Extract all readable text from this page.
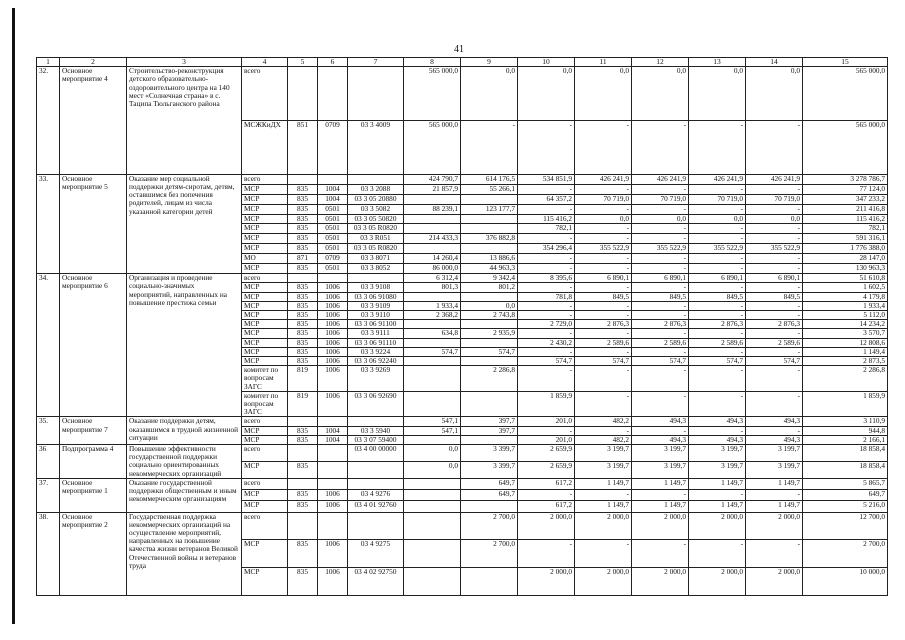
41
1	2	3	4	5	6	7	8	9	10	11	12	13	14	15
32.	Основное мероприятие 4	Строительство-реконструкция детского образовательно-оздоровительного центра на 140 мест «Солнечная страна» в с. Таципа Тюльганского района	всего				565 000,0	0,0	0,0	0,0	0,0	0,0	0,0	565 000,0
			МСЖКиДХ	851	0709	03 3 4009	565 000,0	-	-	-	-	-	-	565 000,0
33.	Основное мероприятие 5	Оказание мер социальной поддержки детям-сиротам, детям, оставшимся без попечения родителей, лицам из числа указанной категории детей	всего				424 790,7	614 176,5	534 851,9	426 241,9	426 241,9	426 241,9	426 241,9	3 278 786,7
			МСР	835	1004	03 3 2088	21 857,9	55 266,1	-	-	-	-	-	77 124,0
			МСР	835	1004	03 3 05 20880			64 357,2	70 719,0	70 719,0	70 719,0	70 719,0	347 233,2
			МСР	835	0501	03 3 5082	88 239,1	123 177,7	-	-	-	-	-	211 416,8
			МСР	835	0501	03 3 05 50820			115 416,2	0,0	0,0	0,0	0,0	115 416,2
			МСР	835	0501	03 3 05 R0820			782,1	-	-	-	-	782,1
			МСР	835	0501	03 3 R051	214 433,3	376 882,8	-	-	-	-	-	591 316,1
			МСР	835	0501	03 3 05 R0820			354 296,4	355 522,9	355 522,9	355 522,9	355 522,9	1 776 388,0
			МО	871	0709	03 3 8071	14 260,4	13 886,6	-	-	-	-	-	28 147,0
			МСР	835	0501	03 3 8052	86 000,0	44 963,3	-	-	-	-	-	130 963,3
34.	Основное мероприятие 6	Организация и проведение социально-значимых мероприятий, направленных на повышение престижа семьи	всего				6 312,4	9 342,4	8 395,6	6 890,1	6 890,1	6 890,1	6 890,1	51 610,8
			МСР	835	1006	03 3 9108	801,3	801,2	-	-	-	-	-	1 602,5
			МСР	835	1006	03 3 06 91080			781,8	849,5	849,5	849,5	849,5	4 179,8
			МСР	835	1006	03 3 9109	1 933,4	0,0	-	-	-	-	-	1 933,4
			МСР	835	1006	03 3 9110	2 368,2	2 743,8	-	-	-	-	-	5 112,0
			МСР	835	1006	03 3 06 91100			2 729,0	2 876,3	2 876,3	2 876,3	2 876,3	14 234,2
			МСР	835	1006	03 3 9111	634,8	2 935,9	-	-	-	-	-	3 570,7
			МСР	835	1006	03 3 06 91110			2 430,2	2 589,6	2 589,6	2 589,6	2 589,6	12 808,6
			МСР	835	1006	03 3 9224	574,7	574,7	-	-	-	-	-	1 149,4
			МСР	835	1006	03 3 06 92240			574,7	574,7	574,7	574,7	574,7	2 873,5
			комитет по вопросам ЗАГС	819	1006	03 3 9269		2 286,8	-	-	-	-	-	2 286,8
			комитет по вопросам ЗАГС	819	1006	03 3 06 92690			1 859,9	-	-	-	-	1 859,9
35.	Основное мероприятие 7	Оказание поддержки детям, оказавшимся в трудной жизненной ситуации	всего				547,1	397,7	201,0	482,2	494,3	494,3	494,3	3 110,9
			МСР	835	1004	03 3 5940	547,1	397,7	-	-	-	-	-	944,8
			МСР	835	1004	03 3 07 59400			201,0	482,2	494,3	494,3	494,3	2 166,1
36	Подпрограмма 4	Повышение эффективности государственной поддержки социально ориентированных некоммерческих организаций	всего			03 4 00 00000	0,0	3 399,7	2 659,9	3 199,7	3 199,7	3 199,7	3 199,7	18 858,4
			МСР	835			0,0	3 399,7	2 659,9	3 199,7	3 199,7	3 199,7	3 199,7	18 858,4
37.	Основное мероприятие 1	Оказание государственной поддержки общественным и иным некоммерческим организациям	всего					649,7	617,2	1 149,7	1 149,7	1 149,7	1 149,7	5 865,7
			МСР	835	1006	03 4 9276		649,7	-	-	-	-	-	649,7
			МСР	835	1006	03 4 01 92760			617,2	1 149,7	1 149,7	1 149,7	1 149,7	5 216,0
38.	Основное мероприятие 2	Государственная поддержка некоммерческих организаций на осуществление мероприятий, направленных на повышение качества жизни ветеранов Великой Отечественной войны и ветеранов труда	всего					2 700,0	2 000,0	2 000,0	2 000,0	2 000,0	2 000,0	12 700,0
			МСР	835	1006	03 4 9275		2 700,0	-	-	-	-	-	2 700,0
			МСР	835	1006	03 4 02 92750			2 000,0	2 000,0	2 000,0	2 000,0	2 000,0	10 000,0
